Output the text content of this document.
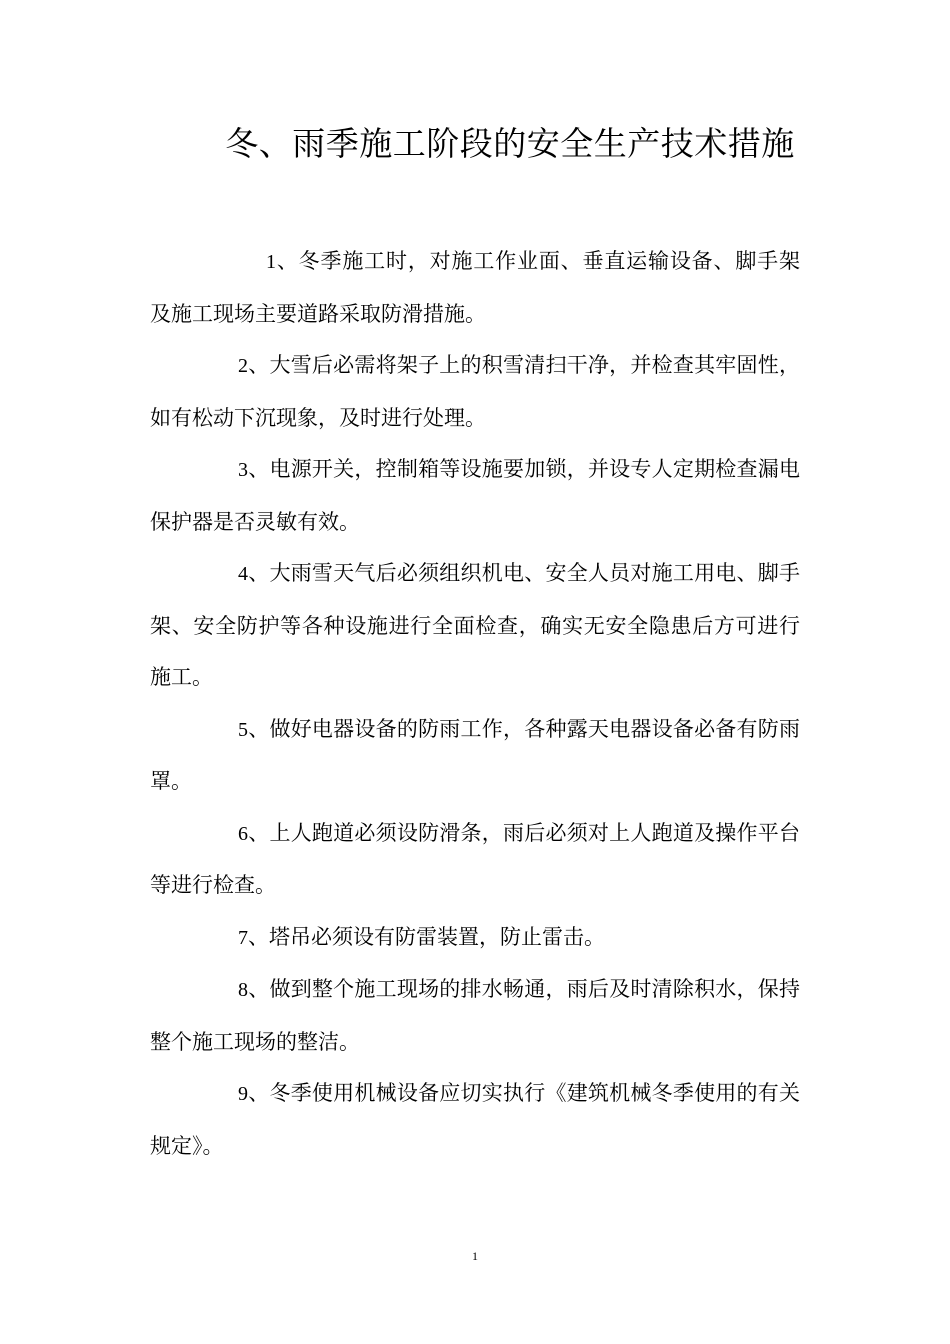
冬、雨季施工阶段的安全生产技术措施

1、冬季施工时，对施工作业面、垂直运输设备、脚手架及施工现场主要道路采取防滑措施。

2、大雪后必需将架子上的积雪清扫干净，并检查其牢固性，如有松动下沉现象，及时进行处理。

3、电源开关，控制箱等设施要加锁，并设专人定期检查漏电保护器是否灵敏有效。

4、大雨雪天气后必须组织机电、安全人员对施工用电、脚手架、安全防护等各种设施进行全面检查，确实无安全隐患后方可进行施工。

5、做好电器设备的防雨工作，各种露天电器设备必备有防雨罩。

6、上人跑道必须设防滑条，雨后必须对上人跑道及操作平台等进行检查。

7、塔吊必须设有防雷装置，防止雷击。

8、做到整个施工现场的排水畅通，雨后及时清除积水，保持整个施工现场的整洁。

9、冬季使用机械设备应切实执行《建筑机械冬季使用的有关规定》。

1
